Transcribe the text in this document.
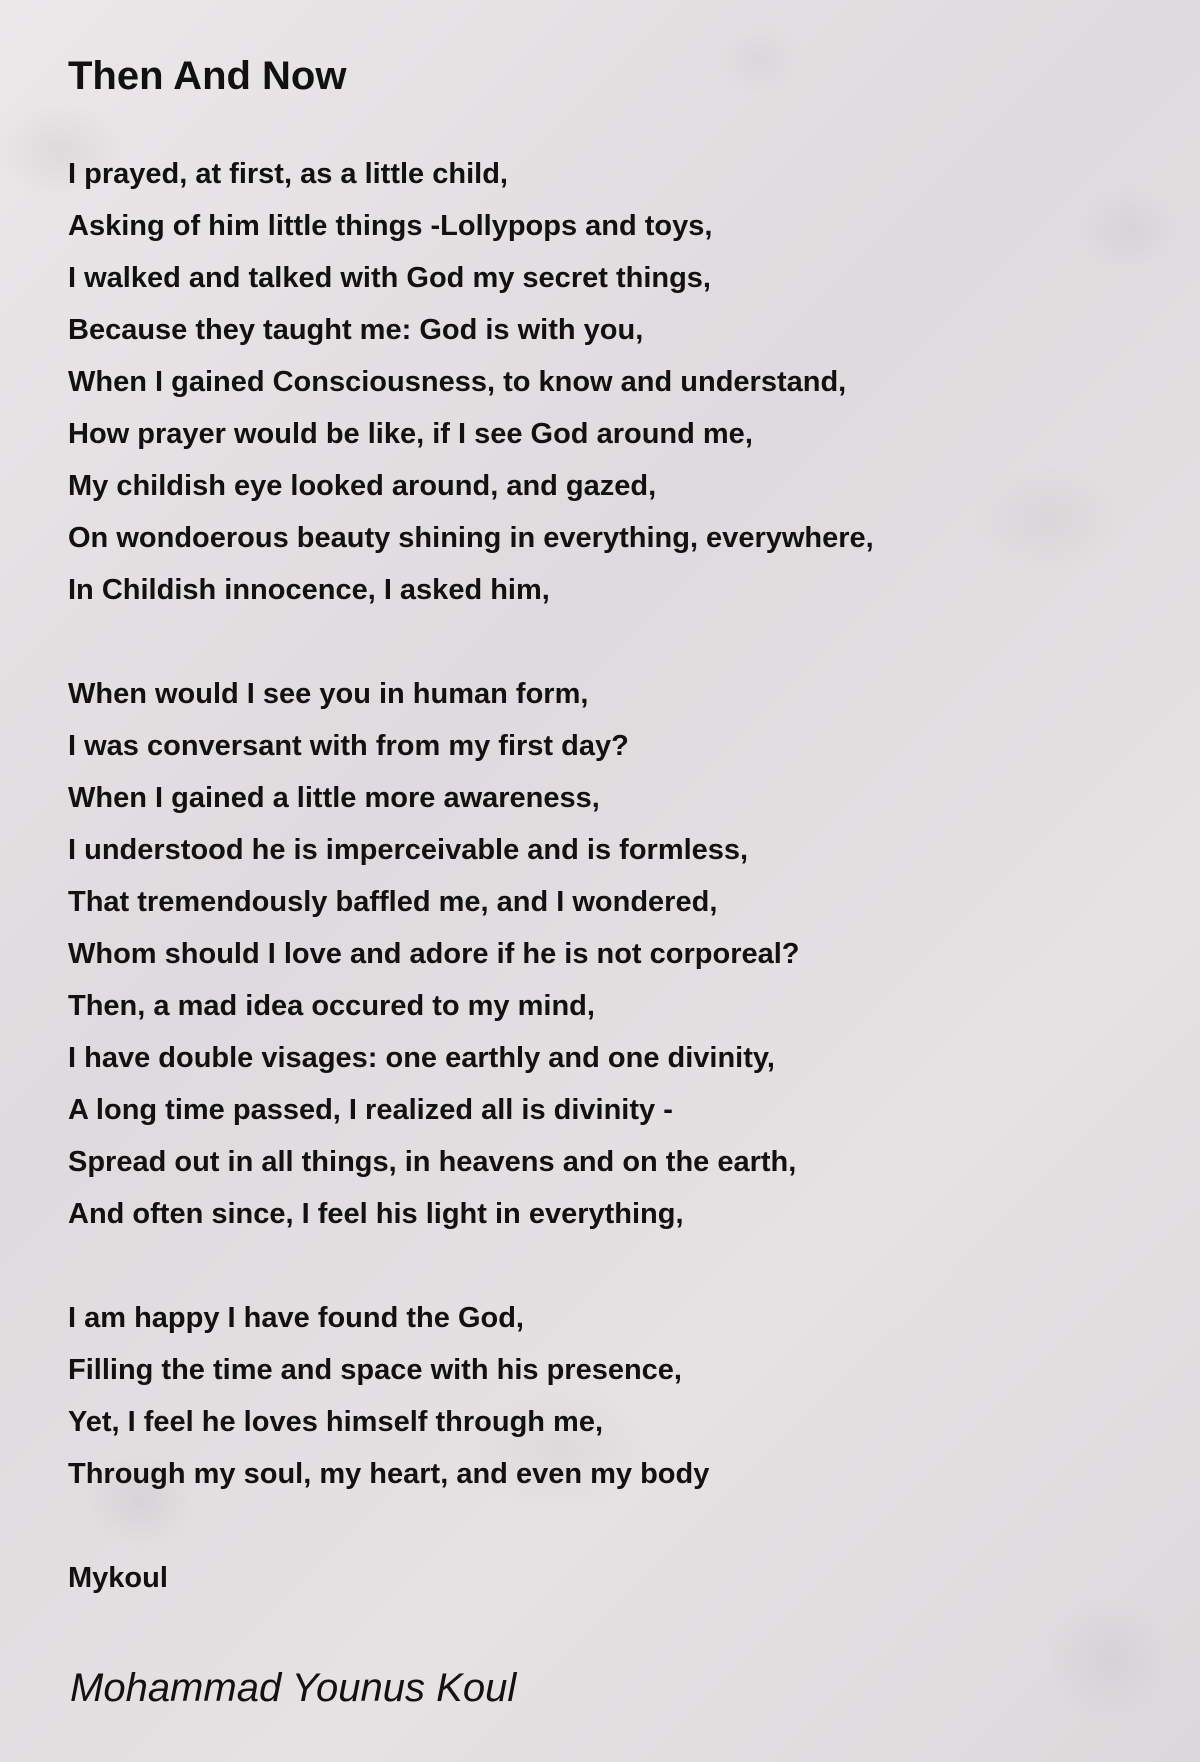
Then And Now
I prayed, at first, as a little child,
Asking of him little things -Lollypops and toys,
I walked and talked with God my secret things,
Because they taught me: God is with you,
When I gained Consciousness, to know and understand,
How prayer would be like, if I see God around me,
My childish eye looked around, and gazed,
On wondoerous beauty shining in everything, everywhere,
In Childish innocence, I asked him,
When would I see you in human form,
I was conversant with from my first day?
When I gained a little more awareness,
I understood he is imperceivable and is formless,
That tremendously baffled me, and I wondered,
Whom should I love and adore if he is not corporeal?
Then, a mad idea occured to my mind,
I have double visages: one earthly and one divinity,
A long time passed, I realized all is divinity -
Spread out in all things, in heavens and on the earth,
And often since, I feel his light in everything,
I am happy I have found the God,
Filling the time and space with his presence,
Yet, I feel he loves himself through me,
Through my soul, my heart, and even my body
Mykoul
Mohammad Younus Koul
